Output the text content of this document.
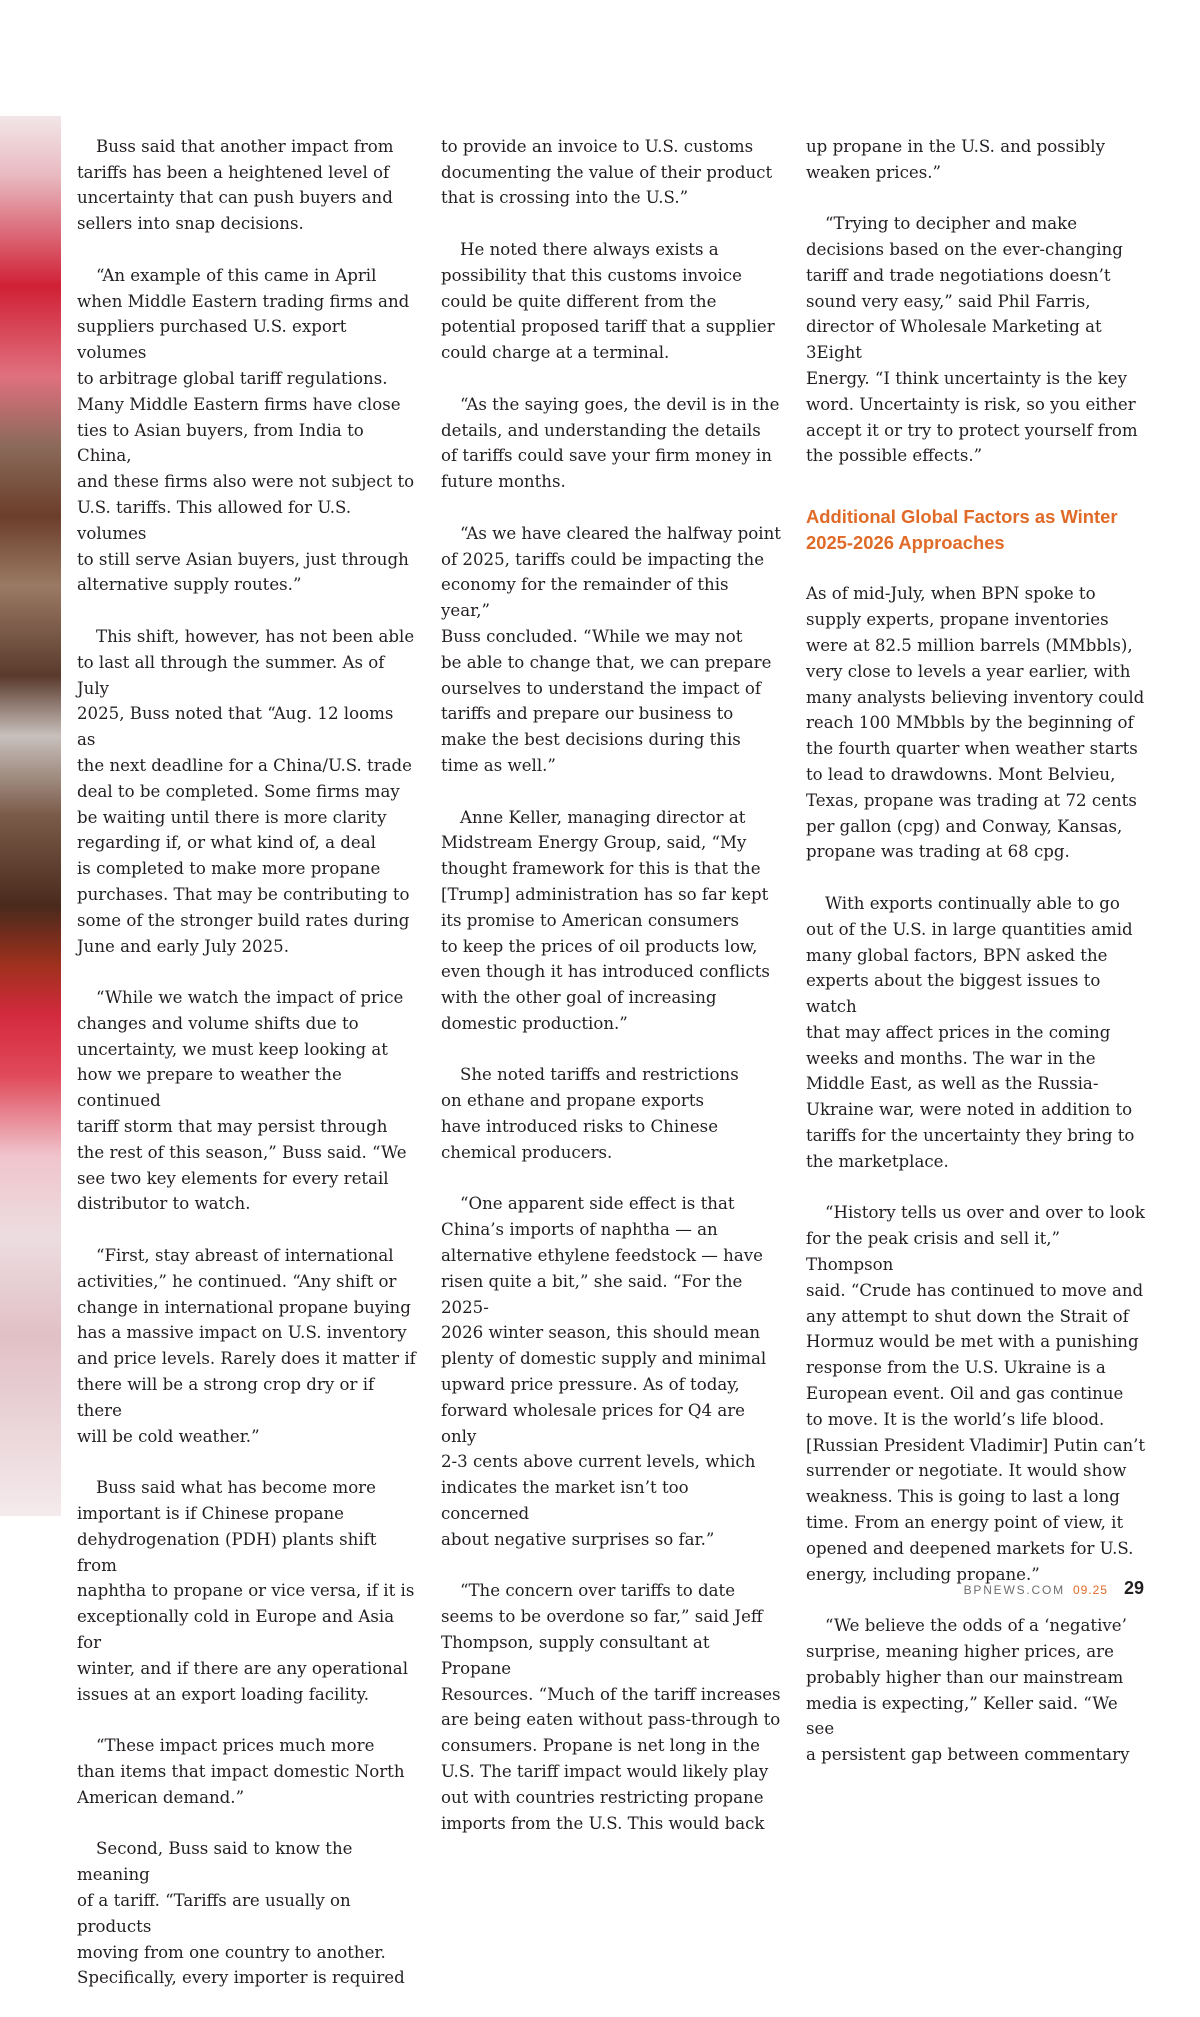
Buss said that another impact from
tariffs has been a heightened level of
uncertainty that can push buyers and
sellers into snap decisions.

“An example of this came in April
when Middle Eastern trading firms and
suppliers purchased U.S. export volumes
to arbitrage global tariff regulations.
Many Middle Eastern firms have close
ties to Asian buyers, from India to China,
and these firms also were not subject to
U.S. tariffs. This allowed for U.S. volumes
to still serve Asian buyers, just through
alternative supply routes.”

This shift, however, has not been able
to last all through the summer. As of July
2025, Buss noted that “Aug. 12 looms as
the next deadline for a China/U.S. trade
deal to be completed. Some firms may
be waiting until there is more clarity
regarding if, or what kind of, a deal
is completed to make more propane
purchases. That may be contributing to
some of the stronger build rates during
June and early July 2025.

“While we watch the impact of price
changes and volume shifts due to
uncertainty, we must keep looking at
how we prepare to weather the continued
tariff storm that may persist through
the rest of this season,” Buss said. “We
see two key elements for every retail
distributor to watch.

“First, stay abreast of international
activities,” he continued. “Any shift or
change in international propane buying
has a massive impact on U.S. inventory
and price levels. Rarely does it matter if
there will be a strong crop dry or if there
will be cold weather.”

Buss said what has become more
important is if Chinese propane
dehydrogenation (PDH) plants shift from
naphtha to propane or vice versa, if it is
exceptionally cold in Europe and Asia for
winter, and if there are any operational
issues at an export loading facility.

“These impact prices much more
than items that impact domestic North
American demand.”

Second, Buss said to know the meaning
of a tariff. “Tariffs are usually on products
moving from one country to another.
Specifically, every importer is required

to provide an invoice to U.S. customs
documenting the value of their product
that is crossing into the U.S.”

He noted there always exists a
possibility that this customs invoice
could be quite different from the
potential proposed tariff that a supplier
could charge at a terminal.

“As the saying goes, the devil is in the
details, and understanding the details
of tariffs could save your firm money in
future months.

“As we have cleared the halfway point
of 2025, tariffs could be impacting the
economy for the remainder of this year,”
Buss concluded. “While we may not
be able to change that, we can prepare
ourselves to understand the impact of
tariffs and prepare our business to
make the best decisions during this
time as well.”

Anne Keller, managing director at
Midstream Energy Group, said, “My
thought framework for this is that the
[Trump] administration has so far kept
its promise to American consumers
to keep the prices of oil products low,
even though it has introduced conflicts
with the other goal of increasing
domestic production.”

She noted tariffs and restrictions
on ethane and propane exports
have introduced risks to Chinese
chemical producers.

“One apparent side effect is that
China’s imports of naphtha — an
alternative ethylene feedstock — have
risen quite a bit,” she said. “For the 2025-
2026 winter season, this should mean
plenty of domestic supply and minimal
upward price pressure. As of today,
forward wholesale prices for Q4 are only
2-3 cents above current levels, which
indicates the market isn’t too concerned
about negative surprises so far.”

“The concern over tariffs to date
seems to be overdone so far,” said Jeff
Thompson, supply consultant at Propane
Resources. “Much of the tariff increases
are being eaten without pass-through to
consumers. Propane is net long in the
U.S. The tariff impact would likely play
out with countries restricting propane
imports from the U.S. This would back

up propane in the U.S. and possibly
weaken prices.”

“Trying to decipher and make
decisions based on the ever-changing
tariff and trade negotiations doesn’t
sound very easy,” said Phil Farris,
director of Wholesale Marketing at 3Eight
Energy. “I think uncertainty is the key
word. Uncertainty is risk, so you either
accept it or try to protect yourself from
the possible effects.”

Additional Global Factors as Winter
2025-2026 Approaches

As of mid-July, when BPN spoke to
supply experts, propane inventories
were at 82.5 million barrels (MMbbls),
very close to levels a year earlier, with
many analysts believing inventory could
reach 100 MMbbls by the beginning of
the fourth quarter when weather starts
to lead to drawdowns. Mont Belvieu,
Texas, propane was trading at 72 cents
per gallon (cpg) and Conway, Kansas,
propane was trading at 68 cpg.

With exports continually able to go
out of the U.S. in large quantities amid
many global factors, BPN asked the
experts about the biggest issues to watch
that may affect prices in the coming
weeks and months. The war in the
Middle East, as well as the Russia-
Ukraine war, were noted in addition to
tariffs for the uncertainty they bring to
the marketplace.

“History tells us over and over to look
for the peak crisis and sell it,” Thompson
said. “Crude has continued to move and
any attempt to shut down the Strait of
Hormuz would be met with a punishing
response from the U.S. Ukraine is a
European event. Oil and gas continue
to move. It is the world’s life blood.
[Russian President Vladimir] Putin can’t
surrender or negotiate. It would show
weakness. This is going to last a long
time. From an energy point of view, it
opened and deepened markets for U.S.
energy, including propane.”

“We believe the odds of a ‘negative’
surprise, meaning higher prices, are
probably higher than our mainstream
media is expecting,” Keller said. “We see
a persistent gap between commentary

BPNEWS.COM 09.25 29
